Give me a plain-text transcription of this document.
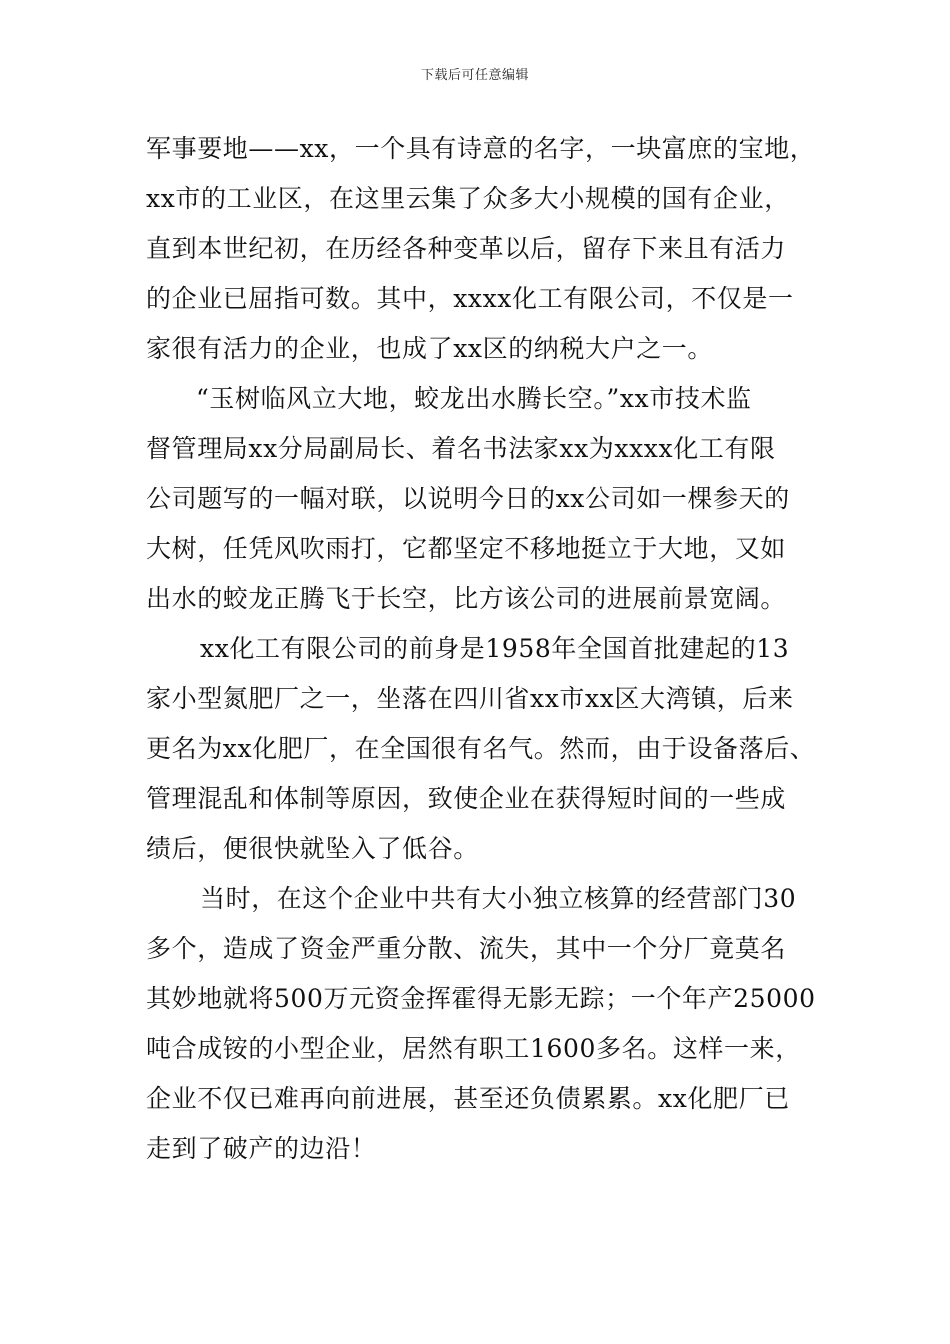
下载后可任意编辑
军事要地——xx，一个具有诗意的名字，一块富庶的宝地，
xx市的工业区，在这里云集了众多大小规模的国有企业，
直到本世纪初，在历经各种变革以后，留存下来且有活力
的企业已屈指可数。其中，xxxx化工有限公司，不仅是一
家很有活力的企业，也成了xx区的纳税大户之一。
“玉树临风立大地，蛟龙出水腾长空。”xx市技术监
督管理局xx分局副局长、着名书法家xx为xxxx化工有限
公司题写的一幅对联，以说明今日的xx公司如一棵参天的
大树，任凭风吹雨打，它都坚定不移地挺立于大地，又如
出水的蛟龙正腾飞于长空，比方该公司的进展前景宽阔。
xx化工有限公司的前身是1958年全国首批建起的13
家小型氮肥厂之一，坐落在四川省xx市xx区大湾镇，后来
更名为xx化肥厂，在全国很有名气。然而，由于设备落后、
管理混乱和体制等原因，致使企业在获得短时间的一些成
绩后，便很快就坠入了低谷。
当时，在这个企业中共有大小独立核算的经营部门30
多个，造成了资金严重分散、流失，其中一个分厂竟莫名
其妙地就将500万元资金挥霍得无影无踪；一个年产25000
吨合成铵的小型企业，居然有职工1600多名。这样一来，
企业不仅已难再向前进展，甚至还负债累累。xx化肥厂已
走到了破产的边沿！
